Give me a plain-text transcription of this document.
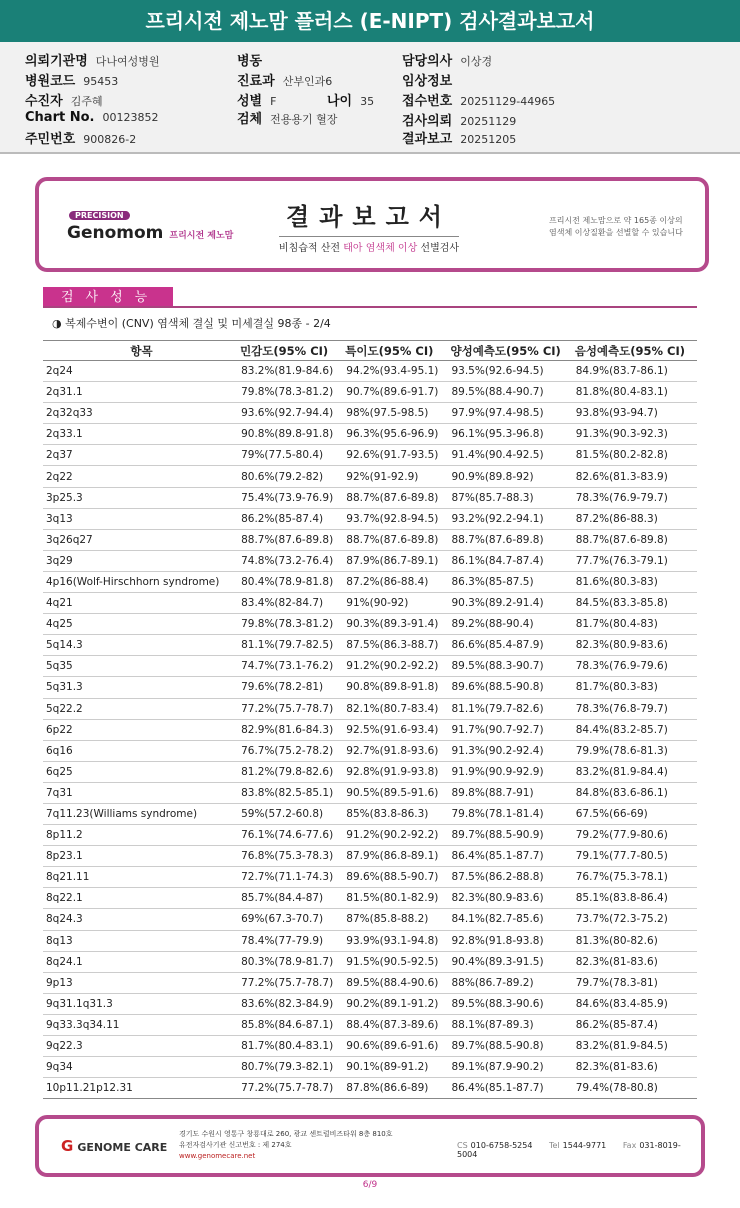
프리시전 제노맘 플러스 (E-NIPT) 검사결과보고서
의뢰기관명 다나여성병원
병원코드 95453
수진자 김주혜
Chart No. 00123852
주민번호 900826-2
병동
진료과 산부인과6
성별 F	나이 35
검체 전용용기 혈장
담당의사 이상경
임상정보
접수번호 20251129-44965
검사의뢰 20251129
결과보고 20251205
PRECISION
Genomom 프리시전 제노맘
결과보고서
비침습적 산전 태아 염색체 이상 선별검사
프리시전 제노맘으로 약 165종 이상의
염색체 이상질환을 선별할 수 있습니다
검사성능
◑ 복제수변이 (CNV) 염색체 결실 및 미세결실 98종 - 2/4
항목	민감도(95% CI)	특이도(95% CI)	양성예측도(95% CI)	음성예측도(95% CI)
2q24	83.2%(81.9-84.6)	94.2%(93.4-95.1)	93.5%(92.6-94.5)	84.9%(83.7-86.1)
2q31.1	79.8%(78.3-81.2)	90.7%(89.6-91.7)	89.5%(88.4-90.7)	81.8%(80.4-83.1)
2q32q33	93.6%(92.7-94.4)	98%(97.5-98.5)	97.9%(97.4-98.5)	93.8%(93-94.7)
2q33.1	90.8%(89.8-91.8)	96.3%(95.6-96.9)	96.1%(95.3-96.8)	91.3%(90.3-92.3)
2q37	79%(77.5-80.4)	92.6%(91.7-93.5)	91.4%(90.4-92.5)	81.5%(80.2-82.8)
2q22	80.6%(79.2-82)	92%(91-92.9)	90.9%(89.8-92)	82.6%(81.3-83.9)
3p25.3	75.4%(73.9-76.9)	88.7%(87.6-89.8)	87%(85.7-88.3)	78.3%(76.9-79.7)
3q13	86.2%(85-87.4)	93.7%(92.8-94.5)	93.2%(92.2-94.1)	87.2%(86-88.3)
3q26q27	88.7%(87.6-89.8)	88.7%(87.6-89.8)	88.7%(87.6-89.8)	88.7%(87.6-89.8)
3q29	74.8%(73.2-76.4)	87.9%(86.7-89.1)	86.1%(84.7-87.4)	77.7%(76.3-79.1)
4p16(Wolf-Hirschhorn syndrome)	80.4%(78.9-81.8)	87.2%(86-88.4)	86.3%(85-87.5)	81.6%(80.3-83)
4q21	83.4%(82-84.7)	91%(90-92)	90.3%(89.2-91.4)	84.5%(83.3-85.8)
4q25	79.8%(78.3-81.2)	90.3%(89.3-91.4)	89.2%(88-90.4)	81.7%(80.4-83)
5q14.3	81.1%(79.7-82.5)	87.5%(86.3-88.7)	86.6%(85.4-87.9)	82.3%(80.9-83.6)
5q35	74.7%(73.1-76.2)	91.2%(90.2-92.2)	89.5%(88.3-90.7)	78.3%(76.9-79.6)
5q31.3	79.6%(78.2-81)	90.8%(89.8-91.8)	89.6%(88.5-90.8)	81.7%(80.3-83)
5q22.2	77.2%(75.7-78.7)	82.1%(80.7-83.4)	81.1%(79.7-82.6)	78.3%(76.8-79.7)
6p22	82.9%(81.6-84.3)	92.5%(91.6-93.4)	91.7%(90.7-92.7)	84.4%(83.2-85.7)
6q16	76.7%(75.2-78.2)	92.7%(91.8-93.6)	91.3%(90.2-92.4)	79.9%(78.6-81.3)
6q25	81.2%(79.8-82.6)	92.8%(91.9-93.8)	91.9%(90.9-92.9)	83.2%(81.9-84.4)
7q31	83.8%(82.5-85.1)	90.5%(89.5-91.6)	89.8%(88.7-91)	84.8%(83.6-86.1)
7q11.23(Williams syndrome)	59%(57.2-60.8)	85%(83.8-86.3)	79.8%(78.1-81.4)	67.5%(66-69)
8p11.2	76.1%(74.6-77.6)	91.2%(90.2-92.2)	89.7%(88.5-90.9)	79.2%(77.9-80.6)
8p23.1	76.8%(75.3-78.3)	87.9%(86.8-89.1)	86.4%(85.1-87.7)	79.1%(77.7-80.5)
8q21.11	72.7%(71.1-74.3)	89.6%(88.5-90.7)	87.5%(86.2-88.8)	76.7%(75.3-78.1)
8q22.1	85.7%(84.4-87)	81.5%(80.1-82.9)	82.3%(80.9-83.6)	85.1%(83.8-86.4)
8q24.3	69%(67.3-70.7)	87%(85.8-88.2)	84.1%(82.7-85.6)	73.7%(72.3-75.2)
8q13	78.4%(77-79.9)	93.9%(93.1-94.8)	92.8%(91.8-93.8)	81.3%(80-82.6)
8q24.1	80.3%(78.9-81.7)	91.5%(90.5-92.5)	90.4%(89.3-91.5)	82.3%(81-83.6)
9p13	77.2%(75.7-78.7)	89.5%(88.4-90.6)	88%(86.7-89.2)	79.7%(78.3-81)
9q31.1q31.3	83.6%(82.3-84.9)	90.2%(89.1-91.2)	89.5%(88.3-90.6)	84.6%(83.4-85.9)
9q33.3q34.11	85.8%(84.6-87.1)	88.4%(87.3-89.6)	88.1%(87-89.3)	86.2%(85-87.4)
9q22.3	81.7%(80.4-83.1)	90.6%(89.6-91.6)	89.7%(88.5-90.8)	83.2%(81.9-84.5)
9q34	80.7%(79.3-82.1)	90.1%(89-91.2)	89.1%(87.9-90.2)	82.3%(81-83.6)
10p11.21p12.31	77.2%(75.7-78.7)	87.8%(86.6-89)	86.4%(85.1-87.7)	79.4%(78-80.8)
G GENOME CARE
경기도 수원시 영통구 창룡대로 260, 광교 센트럴비즈타워 8층 810호
유전자검사기관 신고번호 : 제 274호
www.genomecare.net
CS 010-6758-5254 Tel 1544-9771 Fax 031-8019-5004
6/9
